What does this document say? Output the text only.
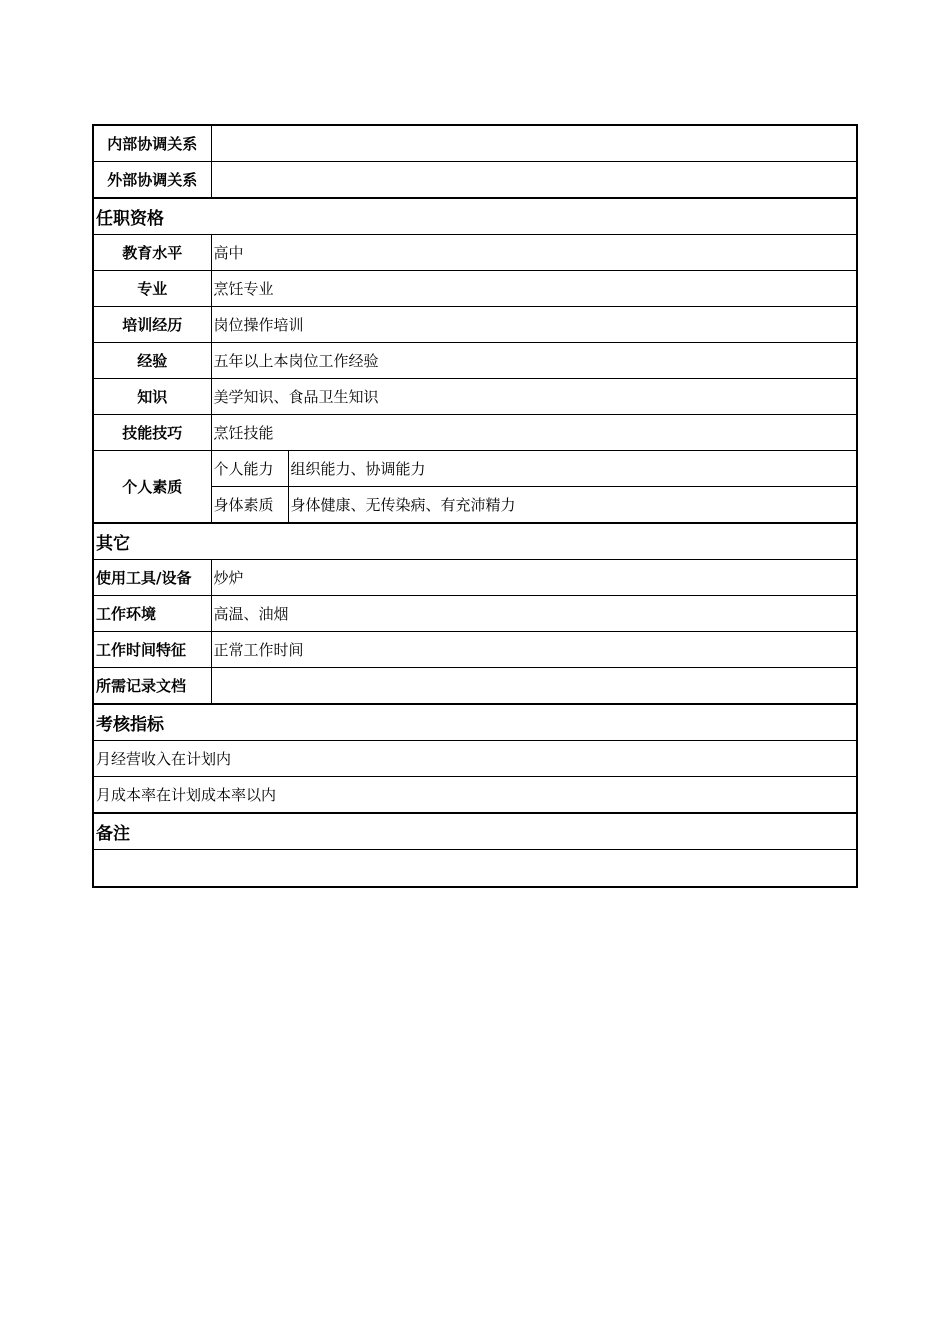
内部协调关系		
外部协调关系		
任职资格		
教育水平	高中	
专业	烹饪专业	
培训经历	岗位操作培训	
经验	五年以上本岗位工作经验	
知识	美学知识、食品卫生知识	
技能技巧	烹饪技能	
个人素质	个人能力	组织能力、协调能力
	身体素质	身体健康、无传染病、有充沛精力
其它		
使用工具/设备	炒炉	
工作环境	高温、油烟	
工作时间特征	正常工作时间	
所需记录文档		
考核指标		
月经营收入在计划内		
月成本率在计划成本率以内		
备注		
